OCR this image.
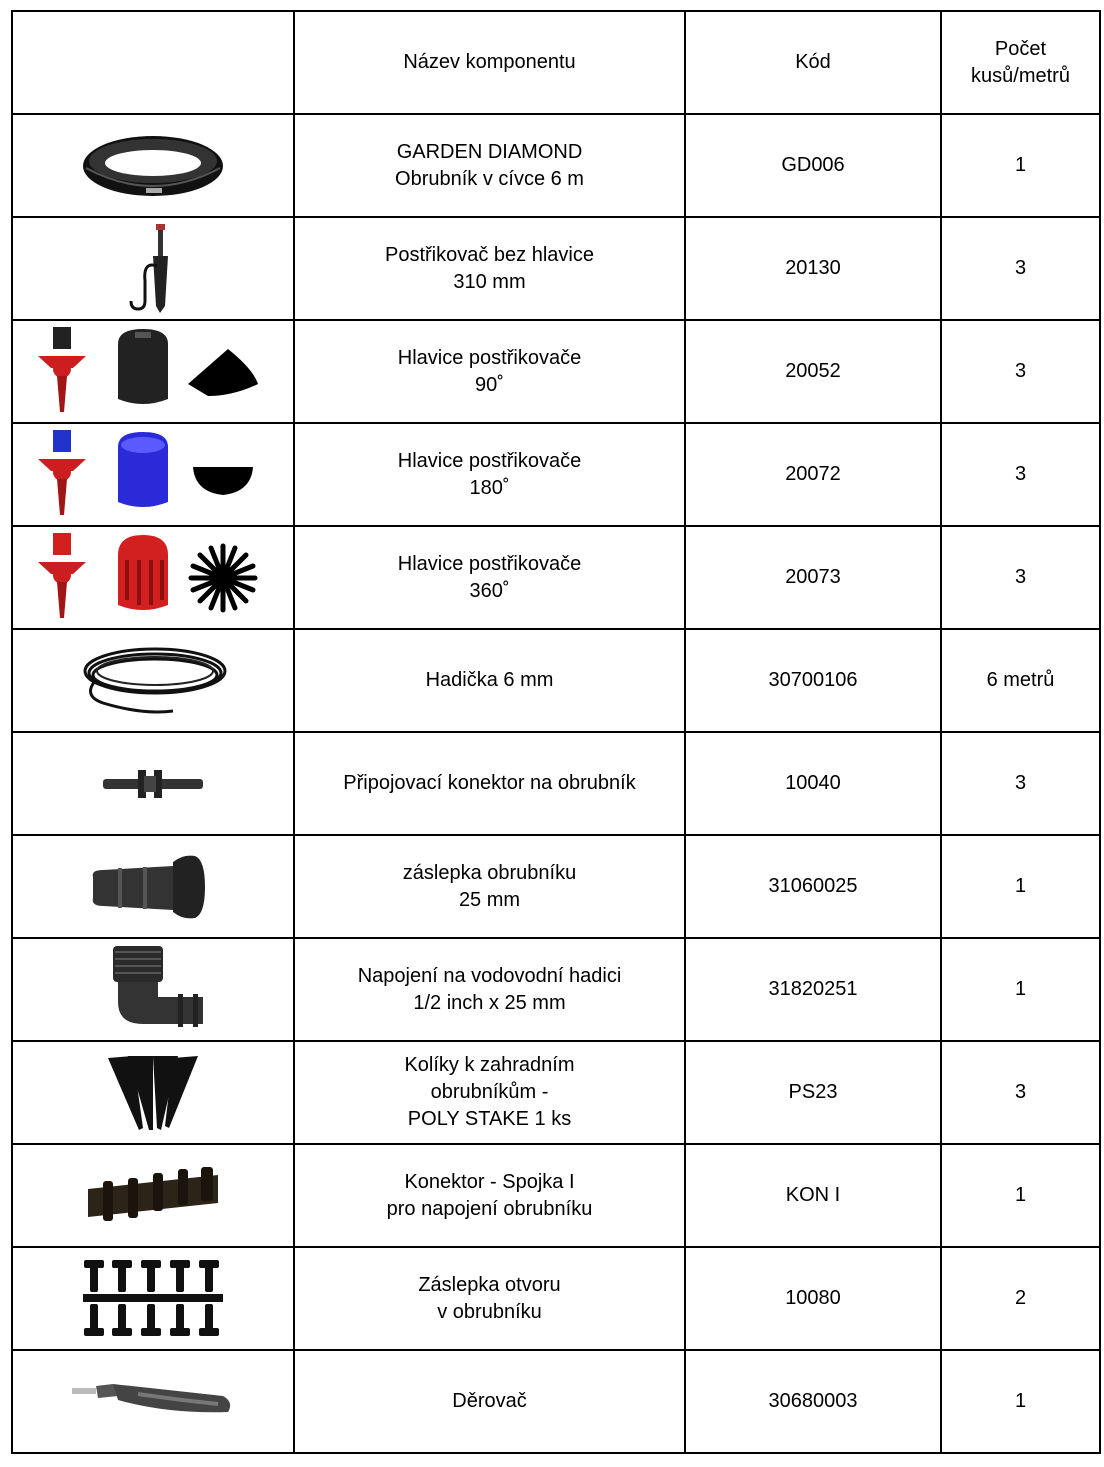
	Název komponentu	Kód	Počet
kusů/metrů

GARDEN DIAMOND
Obrubník v cívce 6 m	GD006	1

Postřikovač bez hlavice
310 mm	20130	3

Hlavice postřikovače
90˚	20052	3

Hlavice postřikovače
180˚	20072	3

Hlavice postřikovače
360˚	20073	3

Hadička 6 mm	30700106	6 metrů

Připojovací konektor na obrubník	10040	3

záslepka obrubníku
25 mm	31060025	1

Napojení na vodovodní hadici
1/2 inch x 25 mm	31820251	1

Kolíky k zahradním
obrubníkům -
POLY STAKE 1 ks	PS23	3

Konektor - Spojka I
pro napojení obrubníku	KON I	1

Záslepka otvoru
v obrubníku	10080	2

Děrovač	30680003	1
